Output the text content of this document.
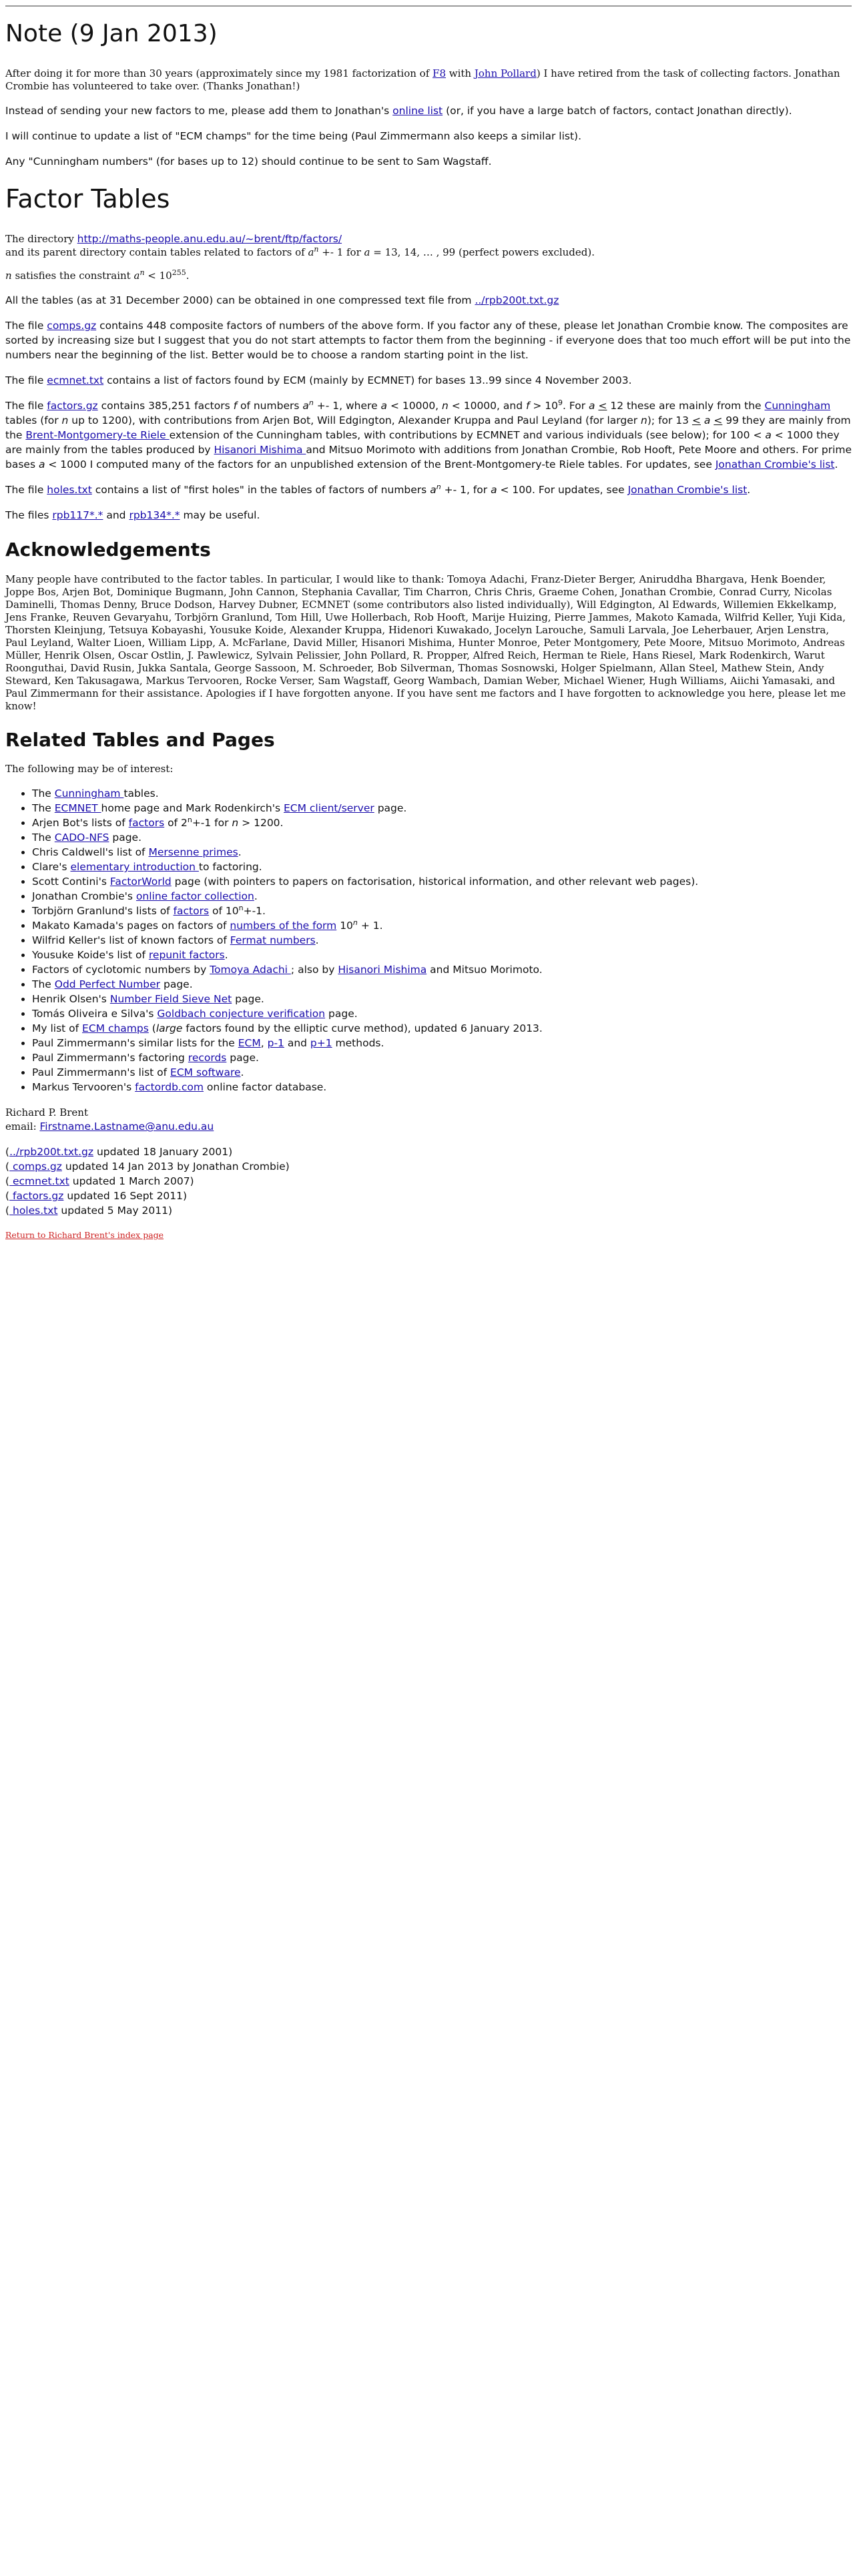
Note (9 Jan 2013)

After doing it for more than 30 years (approximately since my 1981 factorization of F8 with John Pollard) I have retired from the task of collecting factors. Jonathan Crombie has volunteered to take over. (Thanks Jonathan!)

Instead of sending your new factors to me, please add them to Jonathan's online list (or, if you have a large batch of factors, contact Jonathan directly).

I will continue to update a list of "ECM champs" for the time being (Paul Zimmermann also keeps a similar list).

Any "Cunningham numbers" (for bases up to 12) should continue to be sent to Sam Wagstaff.

Factor Tables

The directory http://maths-people.anu.edu.au/~brent/ftp/factors/
and its parent directory contain tables related to factors of $a^n +- 1$ for a = 13, 14, … , 99 (perfect powers excluded).

n satisfies the constraint $a^n < 10^{255}$.

All the tables (as at 31 December 2000) can be obtained in one compressed text file from ../rpb200t.txt.gz

The file comps.gz contains 448 composite factors of numbers of the above form. If you factor any of these, please let Jonathan Crombie know. The composites are sorted by increasing size but I suggest that you do not start attempts to factor them from the beginning - if everyone does that too much effort will be put into the numbers near the beginning of the list. Better would be to choose a random starting point in the list.

The file ecmnet.txt contains a list of factors found by ECM (mainly by ECMNET) for bases 13..99 since 4 November 2003.

The file factors.gz contains 385,251 factors f of numbers $a^n +- 1$, where a < 10000, n < 10000, and $f > 10^9$. For a < 12 these are mainly from the Cunningham tables (for n up to 1200), with contributions from Arjen Bot, Will Edgington, Alexander Kruppa and Paul Leyland (for larger n); for 13 < a < 99 they are mainly from the Brent-Montgomery-te Riele extension of the Cunningham tables, with contributions by ECMNET and various individuals (see below); for 100 < a < 1000 they are mainly from the tables produced by Hisanori Mishima and Mitsuo Morimoto with additions from Jonathan Crombie, Rob Hooft, Pete Moore and others. For prime bases a < 1000 I computed many of the factors for an unpublished extension of the Brent-Montgomery-te Riele tables. For updates, see Jonathan Crombie's list.

The file holes.txt contains a list of "first holes" in the tables of factors of numbers $a^n +- 1$, for a < 100. For updates, see Jonathan Crombie's list.

The files rpb117*.* and rpb134*.* may be useful.

Acknowledgements

Many people have contributed to the factor tables. In particular, I would like to thank: Tomoya Adachi, Franz-Dieter Berger, Aniruddha Bhargava, Henk Boender, Joppe Bos, Arjen Bot, Dominique Bugmann, John Cannon, Stephania Cavallar, Tim Charron, Chris Chris, Graeme Cohen, Jonathan Crombie, Conrad Curry, Nicolas Daminelli, Thomas Denny, Bruce Dodson, Harvey Dubner, ECMNET (some contributors also listed individually), Will Edgington, Al Edwards, Willemien Ekkelkamp, Jens Franke, Reuven Gevaryahu, Torbjörn Granlund, Tom Hill, Uwe Hollerbach, Rob Hooft, Marije Huizing, Pierre Jammes, Makoto Kamada, Wilfrid Keller, Yuji Kida, Thorsten Kleinjung, Tetsuya Kobayashi, Yousuke Koide, Alexander Kruppa, Hidenori Kuwakado, Jocelyn Larouche, Samuli Larvala, Joe Leherbauer, Arjen Lenstra, Paul Leyland, Walter Lioen, William Lipp, A. McFarlane, David Miller, Hisanori Mishima, Hunter Monroe, Peter Montgomery, Pete Moore, Mitsuo Morimoto, Andreas Müller, Henrik Olsen, Oscar Ostlin, J. Pawlewicz, Sylvain Pelissier, John Pollard, R. Propper, Alfred Reich, Herman te Riele, Hans Riesel, Mark Rodenkirch, Warut Roonguthai, David Rusin, Jukka Santala, George Sassoon, M. Schroeder, Bob Silverman, Thomas Sosnowski, Holger Spielmann, Allan Steel, Mathew Stein, Andy Steward, Ken Takusagawa, Markus Tervooren, Rocke Verser, Sam Wagstaff, Georg Wambach, Damian Weber, Michael Wiener, Hugh Williams, Aiichi Yamasaki, and Paul Zimmermann for their assistance. Apologies if I have forgotten anyone. If you have sent me factors and I have forgotten to acknowledge you here, please let me know!

Related Tables and Pages

The following may be of interest:

• The Cunningham tables.
• The ECMNET home page and Mark Rodenkirch's ECM client/server page.
• Arjen Bot's lists of factors of $2^n+-1$ for n > 1200.
• The CADO-NFS page.
• Chris Caldwell's list of Mersenne primes.
• Clare's elementary introduction to factoring.
• Scott Contini's FactorWorld page (with pointers to papers on factorisation, historical information, and other relevant web pages).
• Jonathan Crombie's online factor collection.
• Torbjörn Granlund's lists of factors of $10^n+-1$.
• Makato Kamada's pages on factors of numbers of the form $10^n + 1$.
• Wilfrid Keller's list of known factors of Fermat numbers.
• Yousuke Koide's list of repunit factors.
• Factors of cyclotomic numbers by Tomoya Adachi ; also by Hisanori Mishima and Mitsuo Morimoto.
• The Odd Perfect Number page.
• Henrik Olsen's Number Field Sieve Net page.
• Tomás Oliveira e Silva's Goldbach conjecture verification page.
• My list of ECM champs (large factors found by the elliptic curve method), updated 6 January 2013.
• Paul Zimmermann's similar lists for the ECM, p-1 and p+1 methods.
• Paul Zimmermann's factoring records page.
• Paul Zimmermann's list of ECM software.
• Markus Tervooren's factordb.com online factor database.

Richard P. Brent
email: Firstname.Lastname@anu.edu.au

(../rpb200t.txt.gz updated 18 January 2001)

( comps.gz updated 14 Jan 2013 by Jonathan Crombie)

( ecmnet.txt updated 1 March 2007)

( factors.gz updated 16 Sept 2011)

( holes.txt updated 5 May 2011)

Return to Richard Brent's index page
